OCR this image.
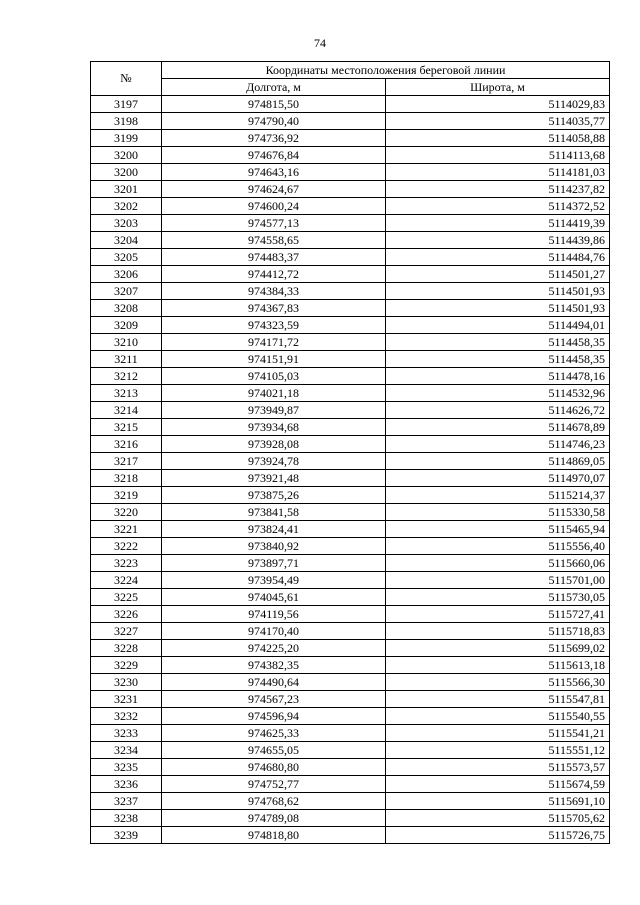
74
№	Координаты местоположения береговой линии	
	Долгота, м	Широта, м
3197	974815,50	5114029,83
3198	974790,40	5114035,77
3199	974736,92	5114058,88
3200	974676,84	5114113,68
3200	974643,16	5114181,03
3201	974624,67	5114237,82
3202	974600,24	5114372,52
3203	974577,13	5114419,39
3204	974558,65	5114439,86
3205	974483,37	5114484,76
3206	974412,72	5114501,27
3207	974384,33	5114501,93
3208	974367,83	5114501,93
3209	974323,59	5114494,01
3210	974171,72	5114458,35
3211	974151,91	5114458,35
3212	974105,03	5114478,16
3213	974021,18	5114532,96
3214	973949,87	5114626,72
3215	973934,68	5114678,89
3216	973928,08	5114746,23
3217	973924,78	5114869,05
3218	973921,48	5114970,07
3219	973875,26	5115214,37
3220	973841,58	5115330,58
3221	973824,41	5115465,94
3222	973840,92	5115556,40
3223	973897,71	5115660,06
3224	973954,49	5115701,00
3225	974045,61	5115730,05
3226	974119,56	5115727,41
3227	974170,40	5115718,83
3228	974225,20	5115699,02
3229	974382,35	5115613,18
3230	974490,64	5115566,30
3231	974567,23	5115547,81
3232	974596,94	5115540,55
3233	974625,33	5115541,21
3234	974655,05	5115551,12
3235	974680,80	5115573,57
3236	974752,77	5115674,59
3237	974768,62	5115691,10
3238	974789,08	5115705,62
3239	974818,80	5115726,75
